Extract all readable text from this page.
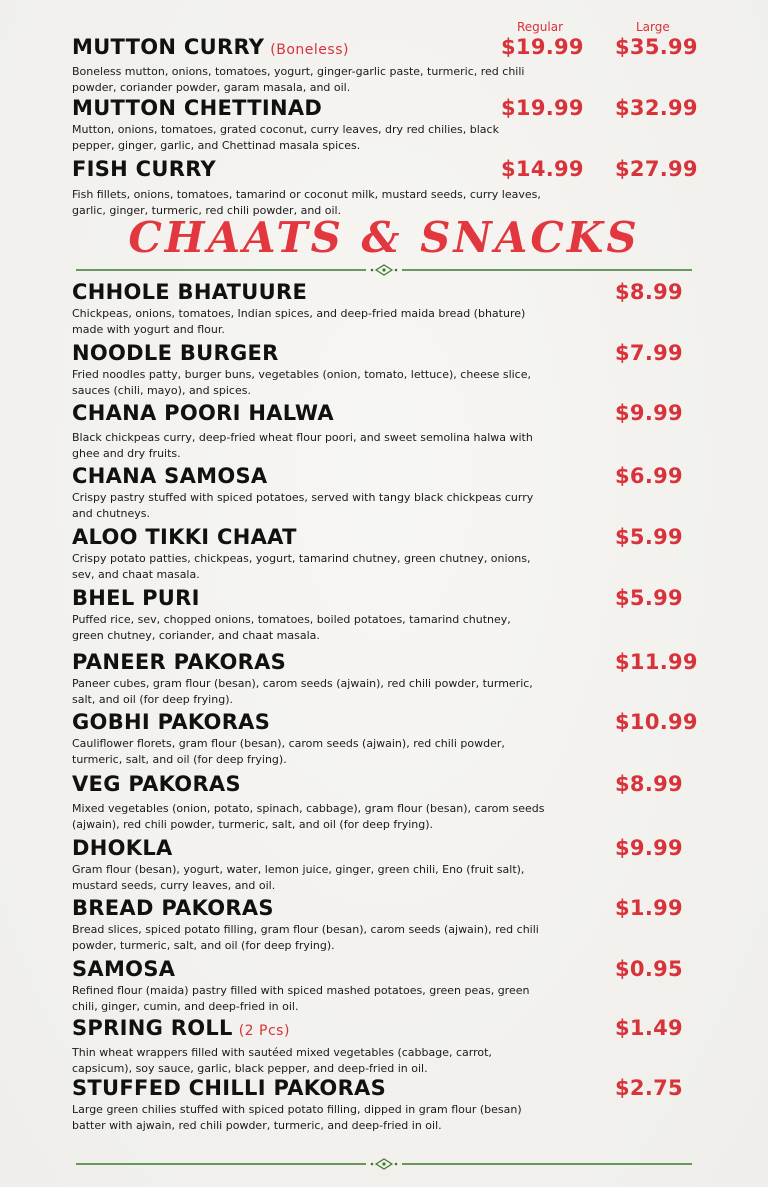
Regular	Large
MUTTON CURRY (Boneless)
Boneless mutton, onions, tomatoes, yogurt, ginger-garlic paste, turmeric, red chili powder, coriander powder, garam masala, and oil.
$19.99 $35.99
MUTTON CHETTINAD
Mutton, onions, tomatoes, grated coconut, curry leaves, dry red chilies, black pepper, ginger, garlic, and Chettinad masala spices.
$19.99 $32.99
FISH CURRY
Fish fillets, onions, tomatoes, tamarind or coconut milk, mustard seeds, curry leaves, garlic, ginger, turmeric, red chili powder, and oil.
$14.99 $27.99
CHAATS & SNACKS
CHHOLE BHATUURE
Chickpeas, onions, tomatoes, Indian spices, and deep-fried maida bread (bhature) made with yogurt and flour.
$8.99
NOODLE BURGER
Fried noodles patty, burger buns, vegetables (onion, tomato, lettuce), cheese slice, sauces (chili, mayo), and spices.
$7.99
CHANA POORI HALWA
Black chickpeas curry, deep-fried wheat flour poori, and sweet semolina halwa with ghee and dry fruits.
$9.99
CHANA SAMOSA
Crispy pastry stuffed with spiced potatoes, served with tangy black chickpeas curry and chutneys.
$6.99
ALOO TIKKI CHAAT
Crispy potato patties, chickpeas, yogurt, tamarind chutney, green chutney, onions, sev, and chaat masala.
$5.99
BHEL PURI
Puffed rice, sev, chopped onions, tomatoes, boiled potatoes, tamarind chutney, green chutney, coriander, and chaat masala.
$5.99
PANEER PAKORAS
Paneer cubes, gram flour (besan), carom seeds (ajwain), red chili powder, turmeric, salt, and oil (for deep frying).
$11.99
GOBHI PAKORAS
Cauliflower florets, gram flour (besan), carom seeds (ajwain), red chili powder, turmeric, salt, and oil (for deep frying).
$10.99
VEG PAKORAS
Mixed vegetables (onion, potato, spinach, cabbage), gram flour (besan), carom seeds (ajwain), red chili powder, turmeric, salt, and oil (for deep frying).
$8.99
DHOKLA
Gram flour (besan), yogurt, water, lemon juice, ginger, green chili, Eno (fruit salt), mustard seeds, curry leaves, and oil.
$9.99
BREAD PAKORAS
Bread slices, spiced potato filling, gram flour (besan), carom seeds (ajwain), red chili powder, turmeric, salt, and oil (for deep frying).
$1.99
SAMOSA
Refined flour (maida) pastry filled with spiced mashed potatoes, green peas, green chili, ginger, cumin, and deep-fried in oil.
$0.95
SPRING ROLL (2 Pcs)
Thin wheat wrappers filled with sautéed mixed vegetables (cabbage, carrot, capsicum), soy sauce, garlic, black pepper, and deep-fried in oil.
$1.49
STUFFED CHILLI PAKORAS
Large green chilies stuffed with spiced potato filling, dipped in gram flour (besan) batter with ajwain, red chili powder, turmeric, and deep-fried in oil.
$2.75
